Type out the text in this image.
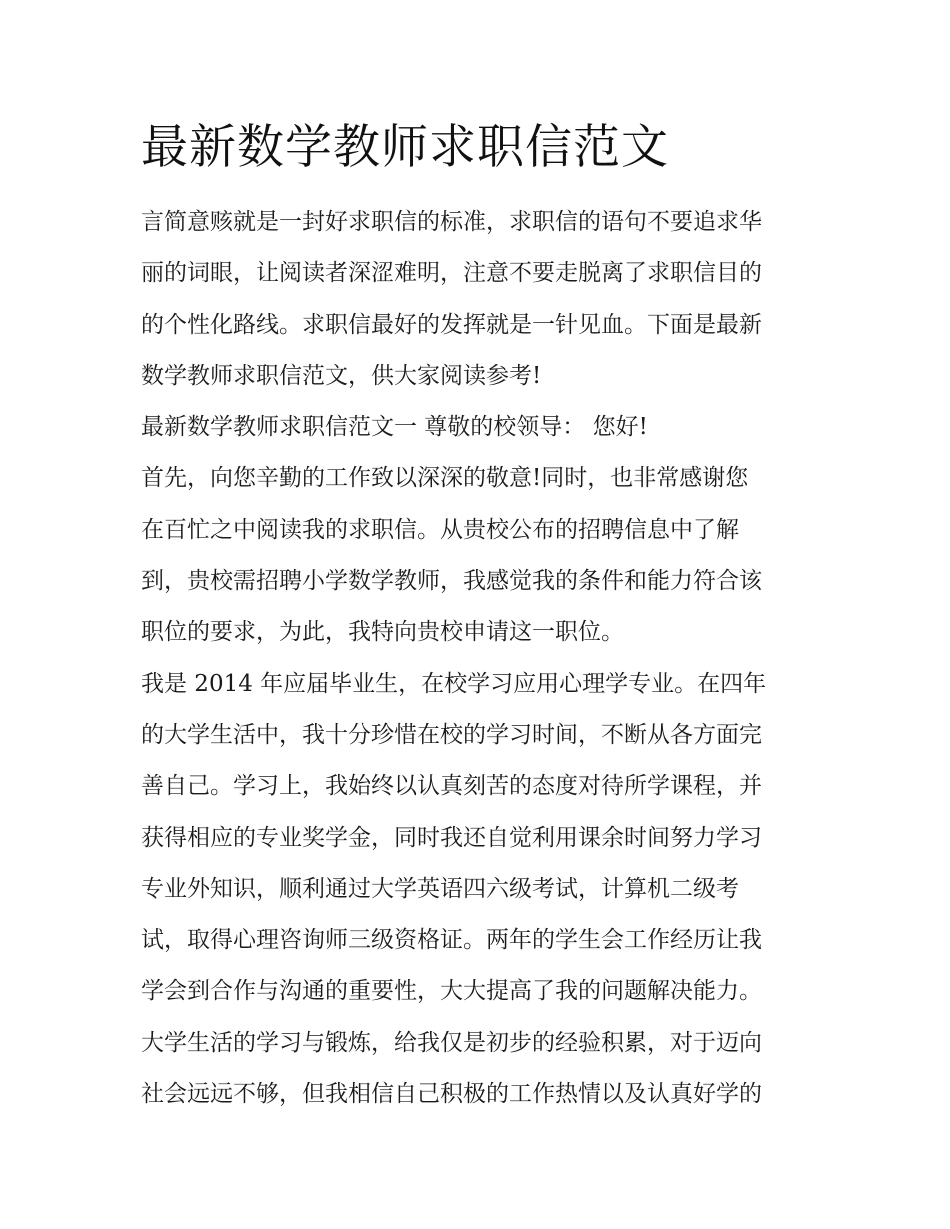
最新数学教师求职信范文
言简意赅就是一封好求职信的标准，求职信的语句不要追求华
丽的词眼，让阅读者深涩难明，注意不要走脱离了求职信目的
的个性化路线。求职信最好的发挥就是一针见血。下面是最新
数学教师求职信范文，供大家阅读参考!
最新数学教师求职信范文一 尊敬的校领导： 您好!
首先，向您辛勤的工作致以深深的敬意!同时，也非常感谢您
在百忙之中阅读我的求职信。从贵校公布的招聘信息中了解
到，贵校需招聘小学数学教师，我感觉我的条件和能力符合该
职位的要求，为此，我特向贵校申请这一职位。
我是 2014 年应届毕业生，在校学习应用心理学专业。在四年
的大学生活中，我十分珍惜在校的学习时间，不断从各方面完
善自己。学习上，我始终以认真刻苦的态度对待所学课程，并
获得相应的专业奖学金，同时我还自觉利用课余时间努力学习
专业外知识，顺利通过大学英语四六级考试，计算机二级考
试，取得心理咨询师三级资格证。两年的学生会工作经历让我
学会到合作与沟通的重要性，大大提高了我的问题解决能力。
大学生活的学习与锻炼，给我仅是初步的经验积累，对于迈向
社会远远不够，但我相信自己积极的工作热情以及认真好学的
